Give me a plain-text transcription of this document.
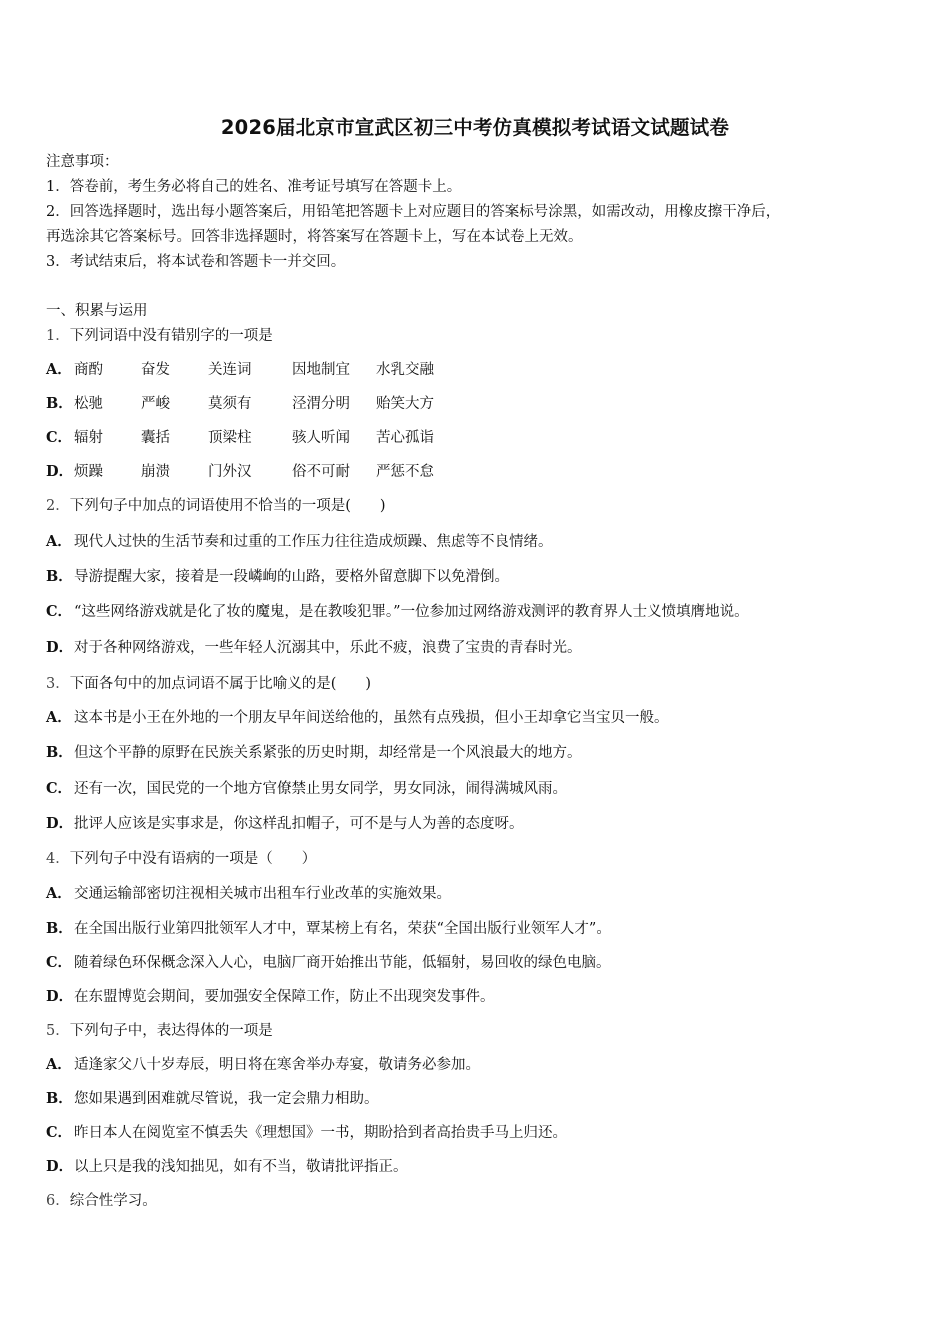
2026届北京市宣武区初三中考仿真模拟考试语文试题试卷
注意事项：
1．答卷前，考生务必将自己的姓名、准考证号填写在答题卡上。
2．回答选择题时，选出每小题答案后，用铅笔把答题卡上对应题目的答案标号涂黑，如需改动，用橡皮擦干净后，
再选涂其它答案标号。回答非选择题时，将答案写在答题卡上，写在本试卷上无效。
3．考试结束后，将本试卷和答题卡一并交回。
一、积累与运用
1．下列词语中没有错别字的一项是
A． 商酌	奋发	关连词	因地制宜 水乳交融
B．松驰	严峻	莫须有	泾渭分明 贻笑大方
C． 辐射	囊括	顶梁柱	骇人听闻 苦心孤诣
D．烦躁	崩溃	门外汉	俗不可耐 严惩不怠
2．下列句子中加点的词语使用不恰当的一项是(　　)
A． 现代人过快的生活节奏和过重的工作压力往往造成烦躁、焦虑等不良情绪。
B．导游提醒大家，接着是一段嶙峋的山路，要格外留意脚下以免滑倒。
C． “这些网络游戏就是化了妆的魔鬼，是在教唆犯罪。”一位参加过网络游戏测评的教育界人士义愤填膺地说。
D．对于各种网络游戏，一些年轻人沉溺其中，乐此不疲，浪费了宝贵的青春时光。
3．下面各句中的加点词语不属于比喻义的是(　　)
A． 这本书是小王在外地的一个朋友早年间送给他的，虽然有点残损，但小王却拿它当宝贝一般。
B．但这个平静的原野在民族关系紧张的历史时期，却经常是一个风浪最大的地方。
C． 还有一次，国民党的一个地方官僚禁止男女同学，男女同泳，闹得满城风雨。
D．批评人应该是实事求是，你这样乱扣帽子，可不是与人为善的态度呀。
4．下列句子中没有语病的一项是（　　）
A． 交通运输部密切注视相关城市出租车行业改革的实施效果。
B．在全国出版行业第四批领军人才中，覃某榜上有名，荣获“全国出版行业领军人才”。
C． 随着绿色环保概念深入人心，电脑厂商开始推出节能，低辐射，易回收的绿色电脑。
D．在东盟博览会期间，要加强安全保障工作，防止不出现突发事件。
5．下列句子中，表达得体的一项是
A． 适逢家父八十岁寿辰，明日将在寒舍举办寿宴，敬请务必参加。
B．您如果遇到困难就尽管说，我一定会鼎力相助。
C． 昨日本人在阅览室不慎丢失《理想国》一书，期盼拾到者高抬贵手马上归还。
D．以上只是我的浅知拙见，如有不当，敬请批评指正。
6．综合性学习。
